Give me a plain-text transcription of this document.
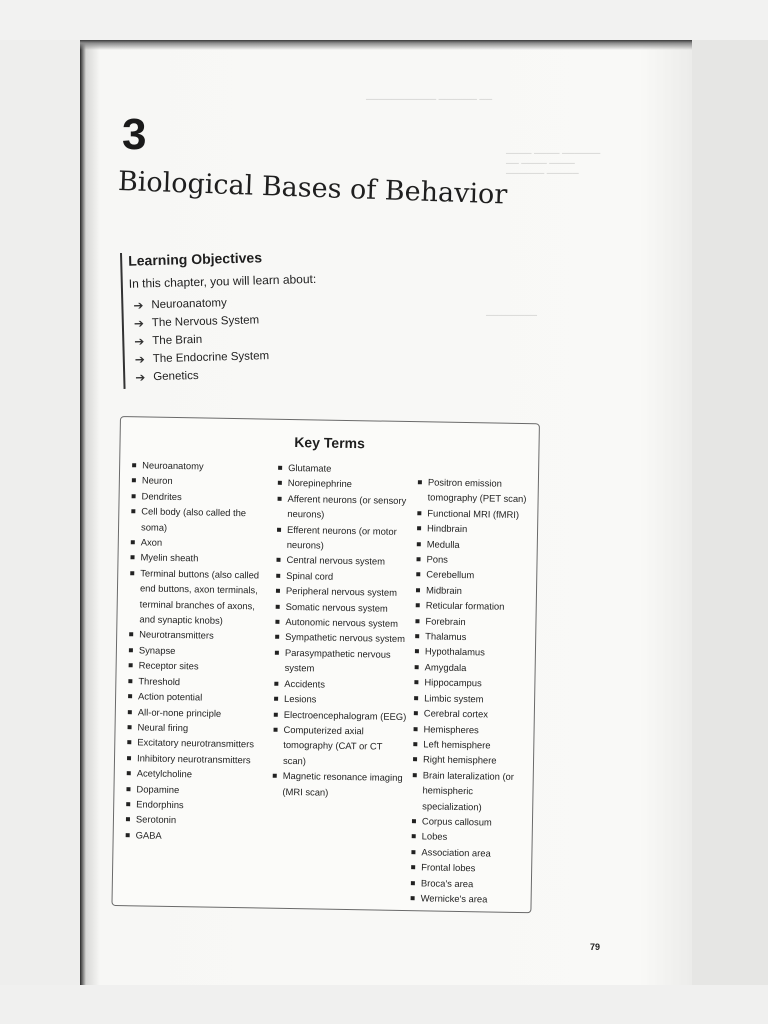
─────────── ────── ──
──── ──── ──────
── ──── ────
────── ─────
────────
3
Biological Bases of Behavior
Learning Objectives
In this chapter, you will learn about:
➔ Neuroanatomy
➔ The Nervous System
➔ The Brain
➔ The Endocrine System
➔ Genetics
Key Terms
Neuroanatomy
Neuron
Dendrites
Cell body (also called the soma)
Axon
Myelin sheath
Terminal buttons (also called end buttons, axon terminals, terminal branches of axons, and synaptic knobs)
Neurotransmitters
Synapse
Receptor sites
Threshold
Action potential
All-or-none principle
Neural firing
Excitatory neurotransmitters
Inhibitory neurotransmitters
Acetylcholine
Dopamine
Endorphins
Serotonin
GABA
Glutamate
Norepinephrine
Afferent neurons (or sensory neurons)
Efferent neurons (or motor neurons)
Central nervous system
Spinal cord
Peripheral nervous system
Somatic nervous system
Autonomic nervous system
Sympathetic nervous system
Parasympathetic nervous system
Accidents
Lesions
Electroencephalogram (EEG)
Computerized axial tomography (CAT or CT scan)
Magnetic resonance imaging (MRI scan)
Positron emission tomography (PET scan)
Functional MRI (fMRI)
Hindbrain
Medulla
Pons
Cerebellum
Midbrain
Reticular formation
Forebrain
Thalamus
Hypothalamus
Amygdala
Hippocampus
Limbic system
Cerebral cortex
Hemispheres
Left hemisphere
Right hemisphere
Brain lateralization (or hemispheric specialization)
Corpus callosum
Lobes
Association area
Frontal lobes
Broca's area
Wernicke's area
79
